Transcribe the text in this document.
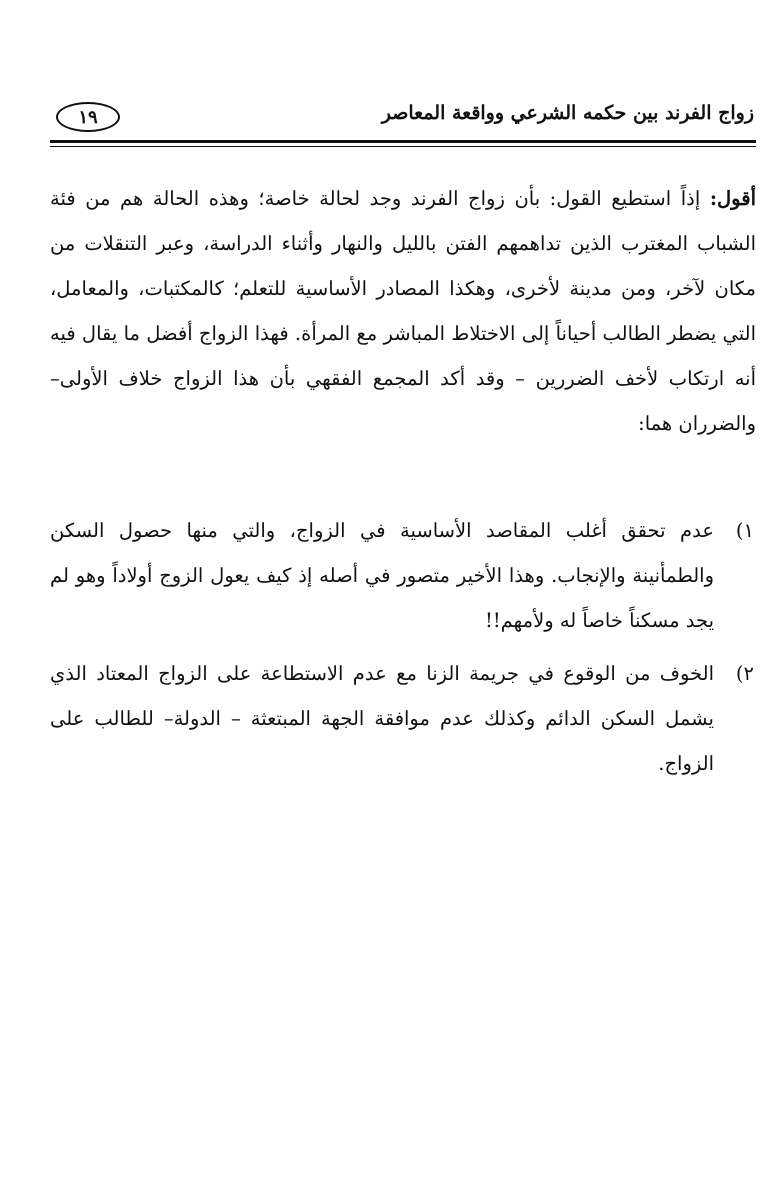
زواج الفرند بين حكمه الشرعي وواقعة المعاصر
١٩
أقول: إذاً استطيع القول: بأن زواج الفرند وجد لحالة خاصة؛ وهذه الحالة هم من فئة الشباب المغترب الذين تداهمهم الفتن بالليل والنهار وأثناء الدراسة، وعبر التنقلات من مكان لآخر، ومن مدينة لأخرى، وهكذا المصادر الأساسية للتعلم؛ كالمكتبات، والمعامل، التي يضطر الطالب أحياناً إلى الاختلاط المباشر مع المرأة. فهذا الزواج أفضل ما يقال فيه أنه ارتكاب لأخف الضررين – وقد أكد المجمع الفقهي بأن هذا الزواج خلاف الأولى– والضرران هما:
١)
عدم تحقق أغلب المقاصد الأساسية في الزواج، والتي منها حصول السكن والطمأنينة والإنجاب. وهذا الأخير متصور في أصله إذ كيف يعول الزوج أولاداً وهو لم يجد مسكناً خاصاً له ولأمهم!!
٢)
الخوف من الوقوع في جريمة الزنا مع عدم الاستطاعة على الزواج المعتاد الذي يشمل السكن الدائم وكذلك عدم موافقة الجهة المبتعثة – الدولة– للطالب على الزواج.
